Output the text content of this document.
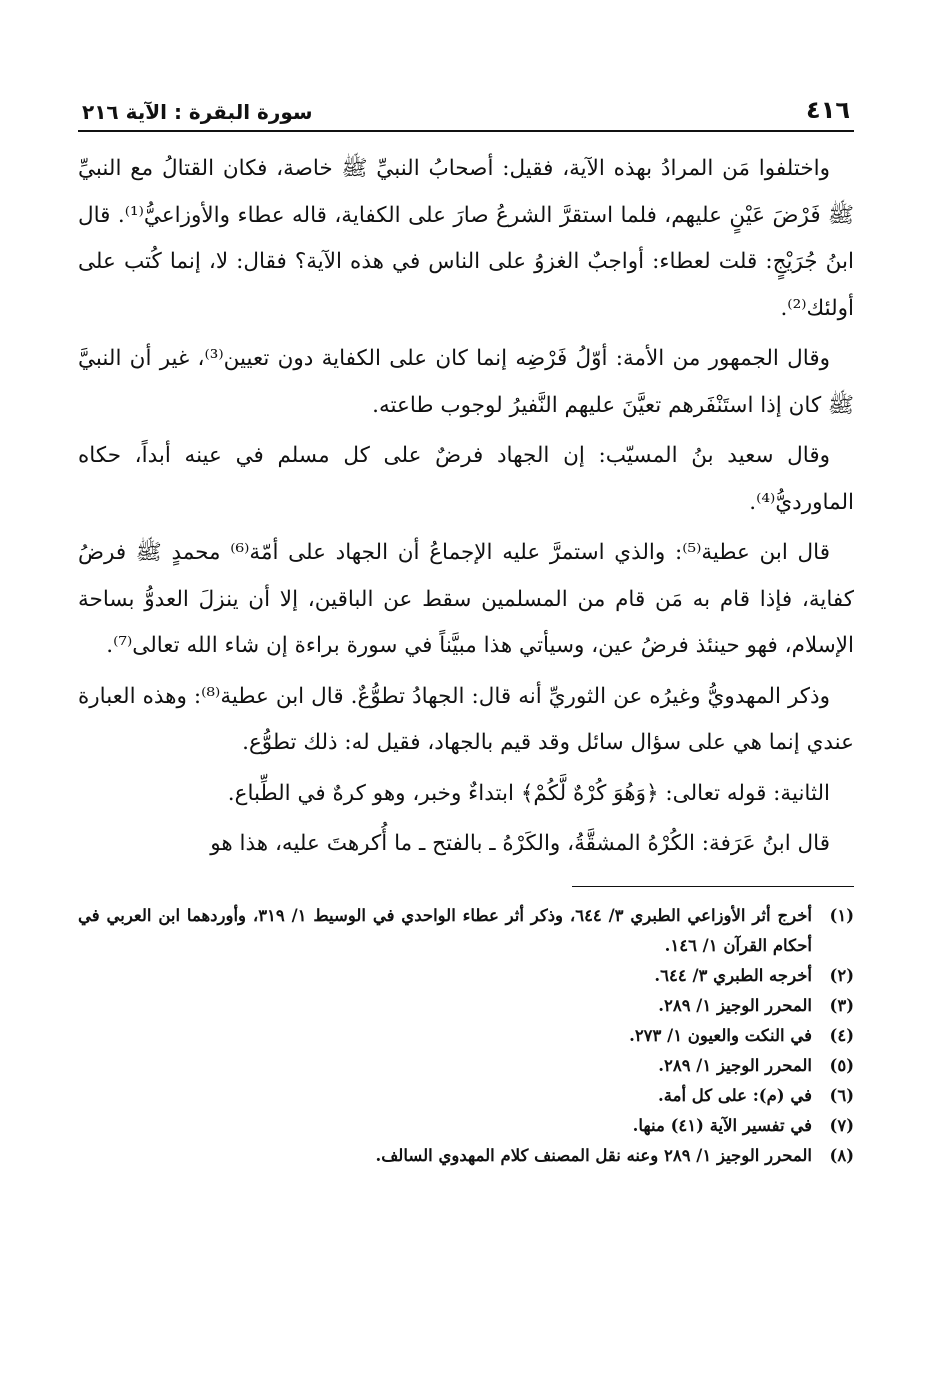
٤١٦
سورة البقرة : الآية ٢١٦

واختلفوا مَن المرادُ بهذه الآية، فقيل: أصحابُ النبيِّ ﷺ خاصة، فكان القتالُ مع النبيِّ ﷺ فَرْضَ عَيْنٍ عليهم، فلما استقرَّ الشرعُ صارَ على الكفاية، قاله عطاء والأوزاعيُّ⁽¹⁾. قال ابنُ جُرَيْجٍ: قلت لعطاء: أواجبٌ الغزوُ على الناس في هذه الآية؟ فقال: لا، إنما كُتب على أولئك⁽²⁾.

وقال الجمهور من الأمة: أوّلُ فَرْضِه إنما كان على الكفاية دون تعيين⁽³⁾، غير أن النبيَّ ﷺ كان إذا استَنْفَرهم تعيَّنَ عليهم النَّفيرُ لوجوب طاعته.

وقال سعيد بنُ المسيّب: إن الجهاد فرضٌ على كل مسلم في عينه أبداً، حكاه الماورديُّ⁽⁴⁾.

قال ابن عطية⁽⁵⁾: والذي استمرَّ عليه الإجماعُ أن الجهاد على أمّة⁽⁶⁾ محمدٍ ﷺ فرضُ كفاية، فإذا قام به مَن قام من المسلمين سقط عن الباقين، إلا أن ينزلَ العدوُّ بساحة الإسلام، فهو حينئذ فرضُ عين، وسيأتي هذا مبيَّناً في سورة براءة إن شاء الله تعالى⁽⁷⁾.

وذكر المهدويُّ وغيرُه عن الثوريِّ أنه قال: الجهادُ تطوُّعٌ. قال ابن عطية⁽⁸⁾: وهذه العبارة عندي إنما هي على سؤال سائل وقد قيم بالجهاد، فقيل له: ذلك تطوُّع.

الثانية: قوله تعالى: ﴿وَهُوَ كُرْهٌ لَّكُمْ﴾ ابتداءٌ وخبر، وهو كرهٌ في الطِّباع.

قال ابنُ عَرَفة: الكُرْهُ المشقَّةُ، والكَرْهُ ـ بالفتح ـ ما أُكرهتَ عليه، هذا هو

(١)
أخرج أثر الأوزاعي الطبري ٣/ ٦٤٤، وذكر أثر عطاء الواحدي في الوسيط ١/ ٣١٩، وأوردهما ابن العربي في أحكام القرآن ١/ ١٤٦.
(٢)
أخرجه الطبري ٣/ ٦٤٤.
(٣)
المحرر الوجيز ١/ ٢٨٩.
(٤)
في النكت والعيون ١/ ٢٧٣.
(٥)
المحرر الوجيز ١/ ٢٨٩.
(٦)
في (م): على كل أمة.
(٧)
في تفسير الآية (٤١) منها.
(٨)
المحرر الوجيز ١/ ٢٨٩ وعنه نقل المصنف كلام المهدوي السالف.
